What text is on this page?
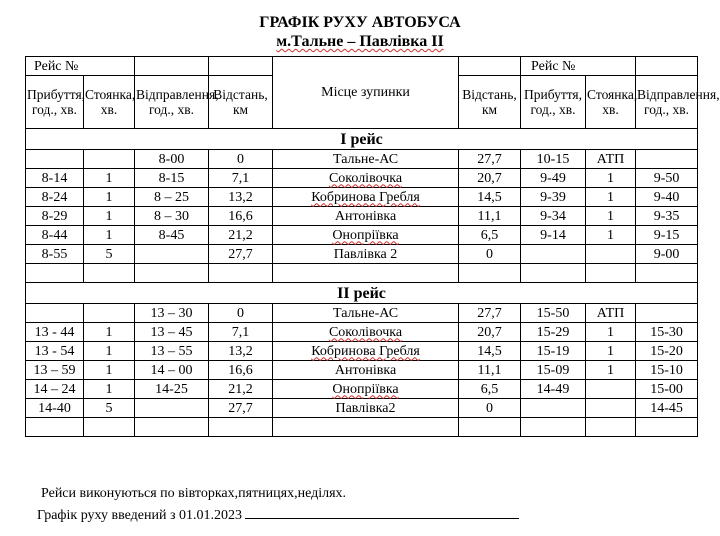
ГРАФІК РУХУ АВТОБУСА
м.Тальне – Павлівка ІІ
Рейс №				Місце зупинки		Рейс №		
Прибуття, год., хв.	Стоянка, хв.	Відправлення, год., хв.	Відстань, км		Відстань, км	Прибуття, год., хв.	Стоянка, хв.	Відправлення, год., хв.
І рейс								
		8-00	0	Тальне-АС	27,7	10-15	АТП	
8-14	1	8-15	7,1	Соколівочка	20,7	9-49	1	9-50
8-24	1	8 – 25	13,2	Кобринова Гребля	14,5	9-39	1	9-40
8-29	1	8 – 30	16,6	Антонівка	11,1	9-34	1	9-35
8-44	1	8-45	21,2	Онопріївка	6,5	9-14	1	9-15
8-55	5		27,7	Павлівка 2	0			9-00

ІІ рейс								
		13 – 30	0	Тальне-АС	27,7	15-50	АТП	
13 - 44	1	13 – 45	7,1	Соколівочка	20,7	15-29	1	15-30
13 - 54	1	13 – 55	13,2	Кобринова Гребля	14,5	15-19	1	15-20
13 – 59	1	14 – 00	16,6	Антонівка	11,1	15-09	1	15-10
14 – 24	1	14-25	21,2	Онопріївка	6,5	14-49		15-00
14-40	5		27,7	Павлівка2	0			14-45

Рейси виконуються по вівторках,пятницях,неділях.
Графік руху введений з 01.01.2023
